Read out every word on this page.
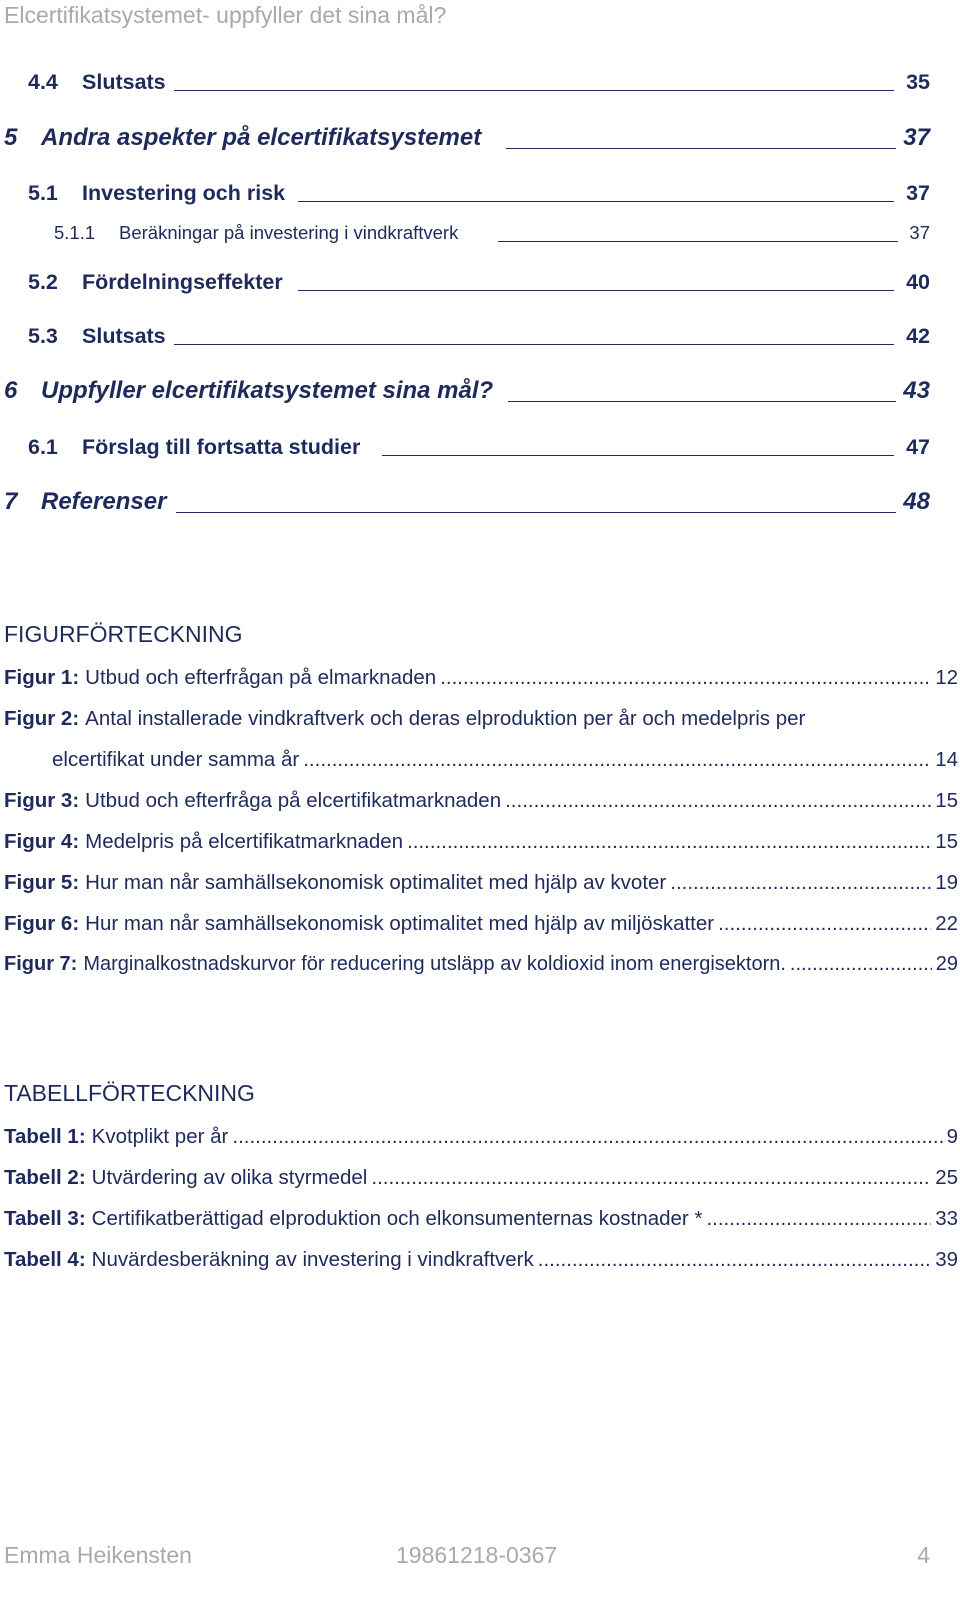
Elcertifikatsystemet- uppfyller det sina mål?
4.4 Slutsats	35
5 Andra aspekter på elcertifikatsystemet	37
5.1 Investering och risk	37
5.1.1 Beräkningar på investering i vindkraftverk	37
5.2 Fördelningseffekter	40
5.3 Slutsats	42
6 Uppfyller elcertifikatsystemet sina mål?	43
6.1 Förslag till fortsatta studier	47
7 Referenser	48
FIGURFÖRTECKNING
Figur 1: Utbud och efterfrågan på elmarknaden .....	12
Figur 2: Antal installerade vindkraftverk och deras elproduktion per år och medelpris per
elcertifikat under samma år .....	14
Figur 3: Utbud och efterfråga på elcertifikatmarknaden .....	15
Figur 4: Medelpris på elcertifikatmarknaden .....	15
Figur 5: Hur man når samhällsekonomisk optimalitet med hjälp av kvoter .....	19
Figur 6: Hur man når samhällsekonomisk optimalitet med hjälp av miljöskatter .....	22
Figur 7: Marginalkostnadskurvor för reducering utsläpp av koldioxid inom energisektorn. .....	29
TABELLFÖRTECKNING
Tabell 1: Kvotplikt per år .....	9
Tabell 2: Utvärdering av olika styrmedel .....	25
Tabell 3: Certifikatberättigad elproduktion och elkonsumenternas kostnader * .....	33
Tabell 4: Nuvärdesberäkning av investering i vindkraftverk .....	39
Emma Heikensten	19861218-0367	4
